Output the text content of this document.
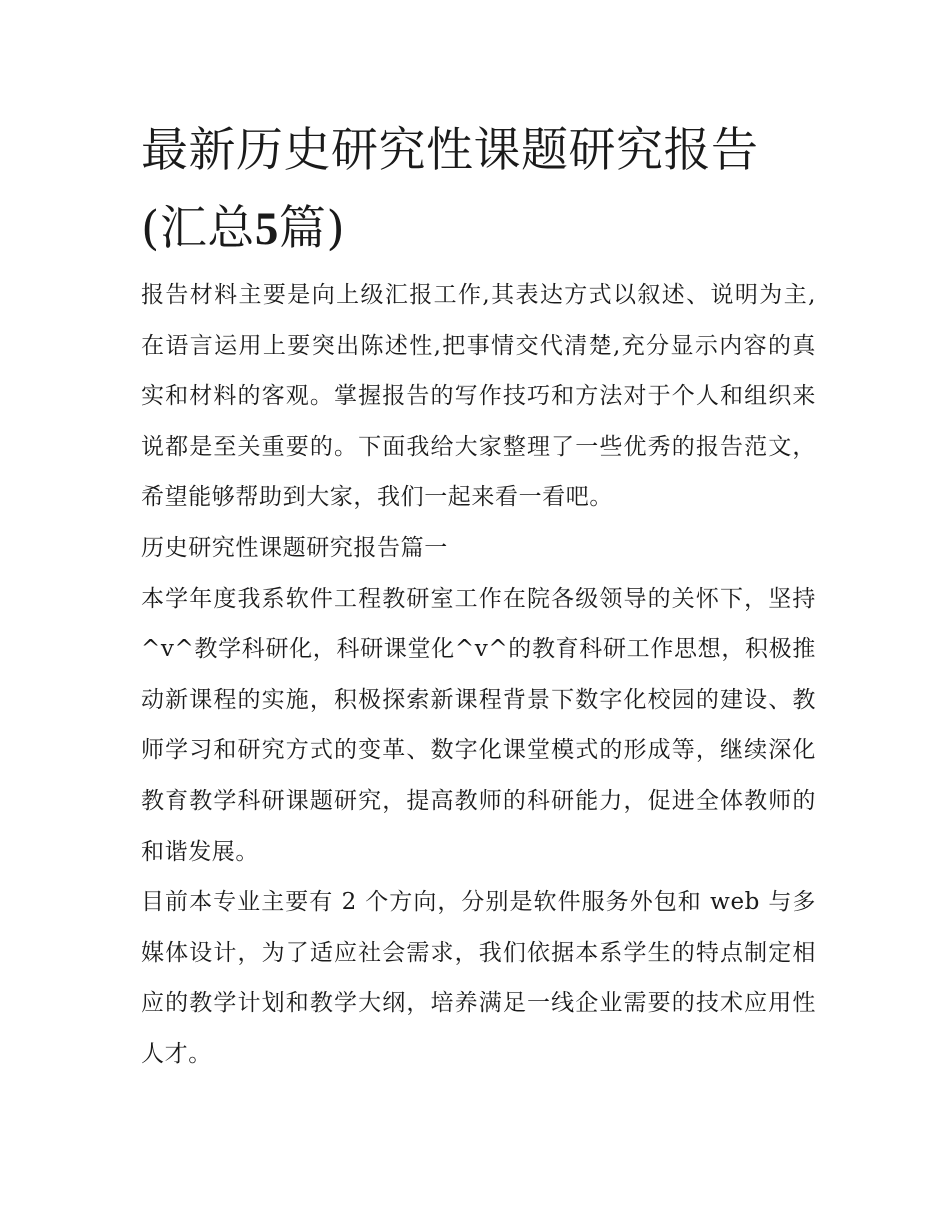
最新历史研究性课题研究报告
(汇总5篇)

报告材料主要是向上级汇报工作,其表达方式以叙述、说明为主,在语言运用上要突出陈述性,把事情交代清楚,充分显示内容的真实和材料的客观。掌握报告的写作技巧和方法对于个人和组织来说都是至关重要的。下面我给大家整理了一些优秀的报告范文，希望能够帮助到大家，我们一起来看一看吧。

历史研究性课题研究报告篇一

本学年度我系软件工程教研室工作在院各级领导的关怀下，坚持^v^教学科研化，科研课堂化^v^的教育科研工作思想，积极推动新课程的实施，积极探索新课程背景下数字化校园的建设、教师学习和研究方式的变革、数字化课堂模式的形成等，继续深化教育教学科研课题研究，提高教师的科研能力，促进全体教师的和谐发展。

目前本专业主要有 2 个方向，分别是软件服务外包和 web 与多媒体设计，为了适应社会需求，我们依据本系学生的特点制定相应的教学计划和教学大纲，培养满足一线企业需要的技术应用性人才。
